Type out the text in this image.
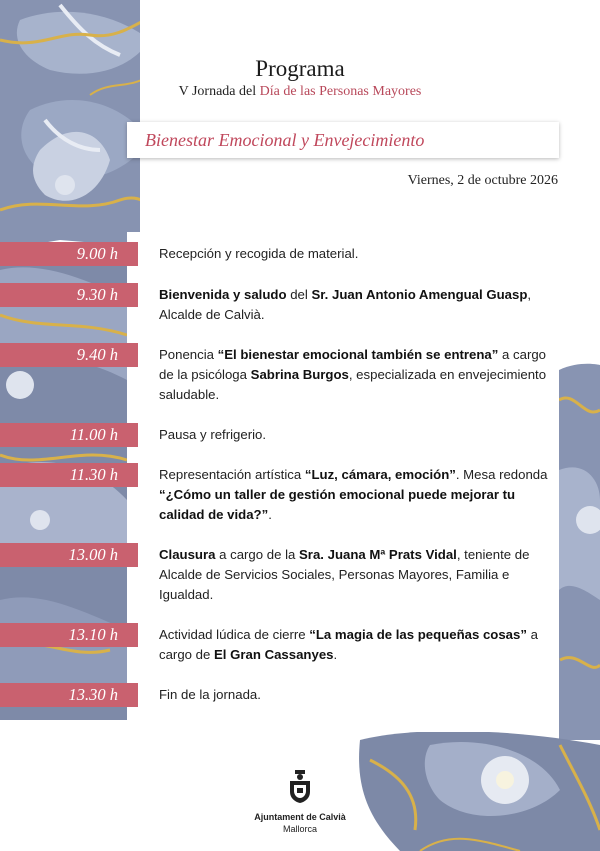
Programa
V Jornada del Día de las Personas Mayores
Bienestar Emocional y Envejecimiento
Viernes, 2 de octubre 2026
9.00 h	Recepción y recogida de material.
9.30 h	Bienvenida y saludo del Sr. Juan Antonio Amengual Guasp, Alcalde de Calvià.
9.40 h	Ponencia “El bienestar emocional también se entrena” a cargo de la psicóloga Sabrina Burgos, especializada en envejecimiento saludable.
11.00 h	Pausa y refrigerio.
11.30 h	Representación artística “Luz, cámara, emoción”. Mesa redonda “¿Cómo un taller de gestión emocional puede mejorar tu calidad de vida?”.
13.00 h	Clausura a cargo de la Sra. Juana Mª Prats Vidal, teniente de Alcalde de Servicios Sociales, Personas Mayores, Familia e Igualdad.
13.10 h	Actividad lúdica de cierre “La magia de las pequeñas cosas” a cargo de El Gran Cassanyes.
13.30 h	Fin de la jornada.
Ajuntament de Calvià
Mallorca
